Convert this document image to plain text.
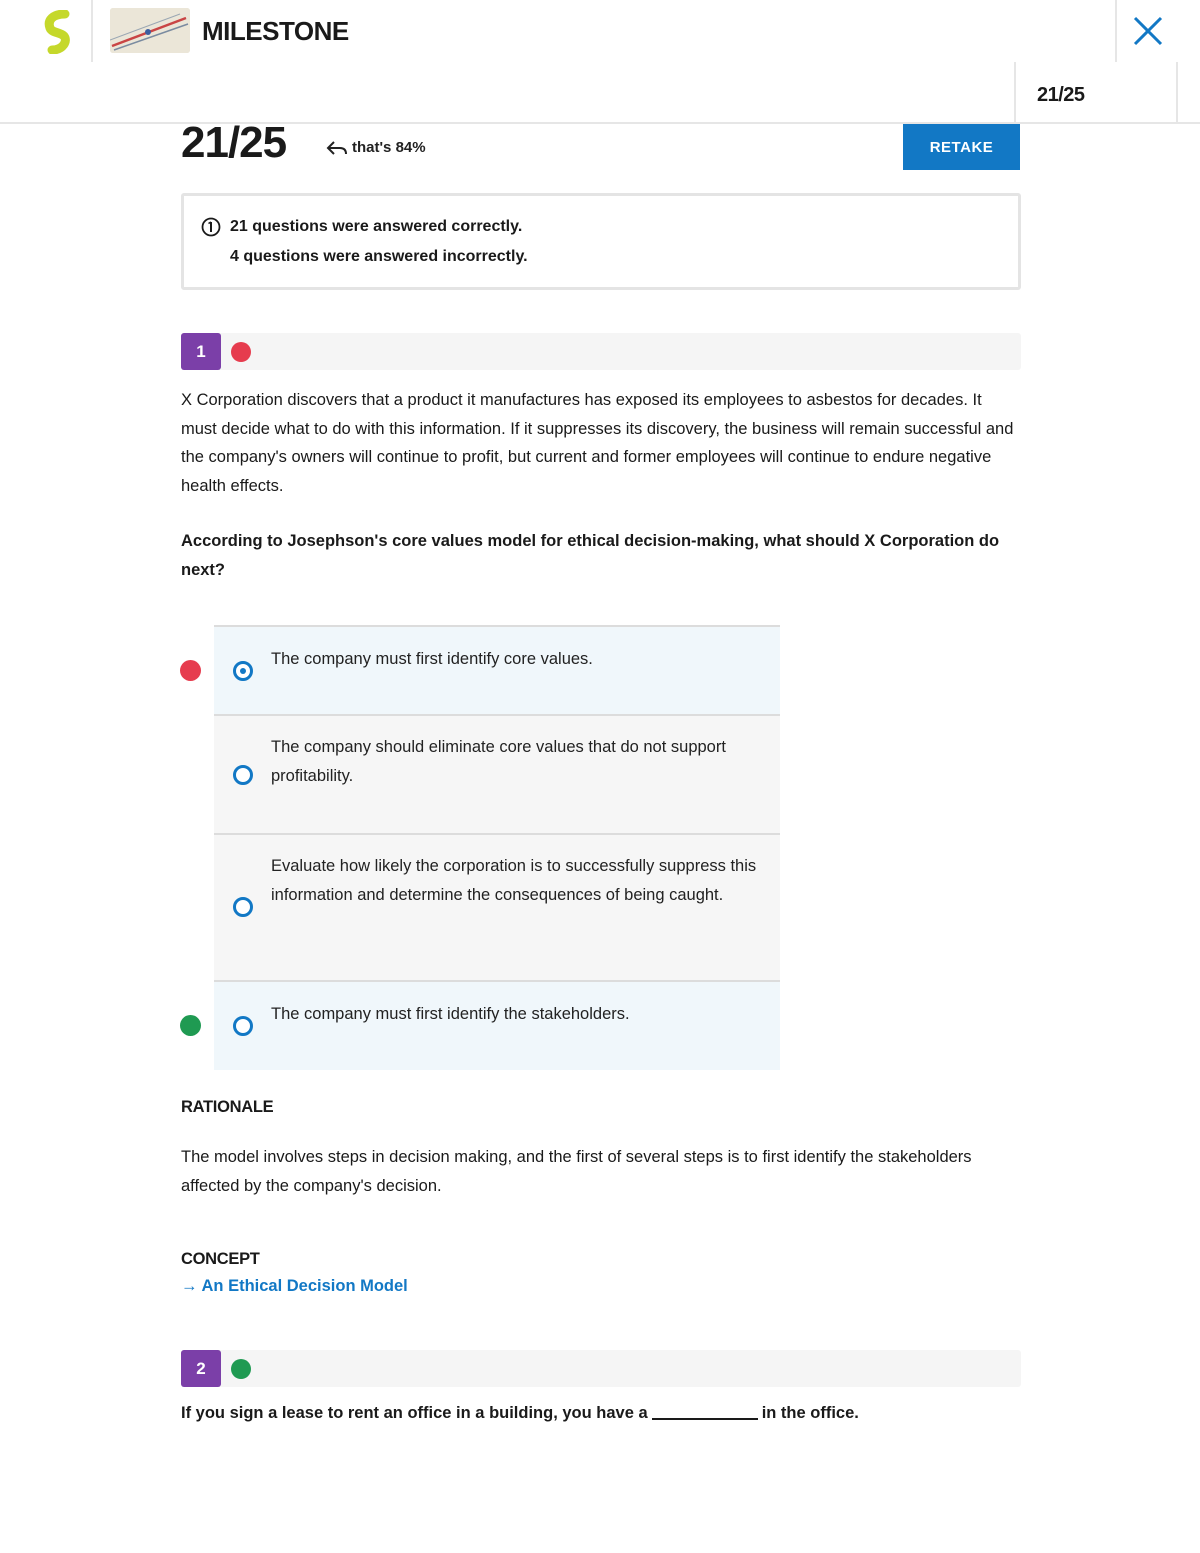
MILESTONE
21/25
21/25	that's 84%	RETAKE
21 questions were answered correctly.
4 questions were answered incorrectly.
1
X Corporation discovers that a product it manufactures has exposed its employees to asbestos for decades. It must decide what to do with this information. If it suppresses its discovery, the business will remain successful and the company's owners will continue to profit, but current and former employees will continue to endure negative health effects.
According to Josephson's core values model for ethical decision-making, what should X Corporation do next?
The company must first identify core values.
The company should eliminate core values that do not support profitability.
Evaluate how likely the corporation is to successfully suppress this information and determine the consequences of being caught.
The company must first identify the stakeholders.
RATIONALE
The model involves steps in decision making, and the first of several steps is to first identify the stakeholders affected by the company's decision.
CONCEPT
→ An Ethical Decision Model
2
If you sign a lease to rent an office in a building, you have a	in the office.
